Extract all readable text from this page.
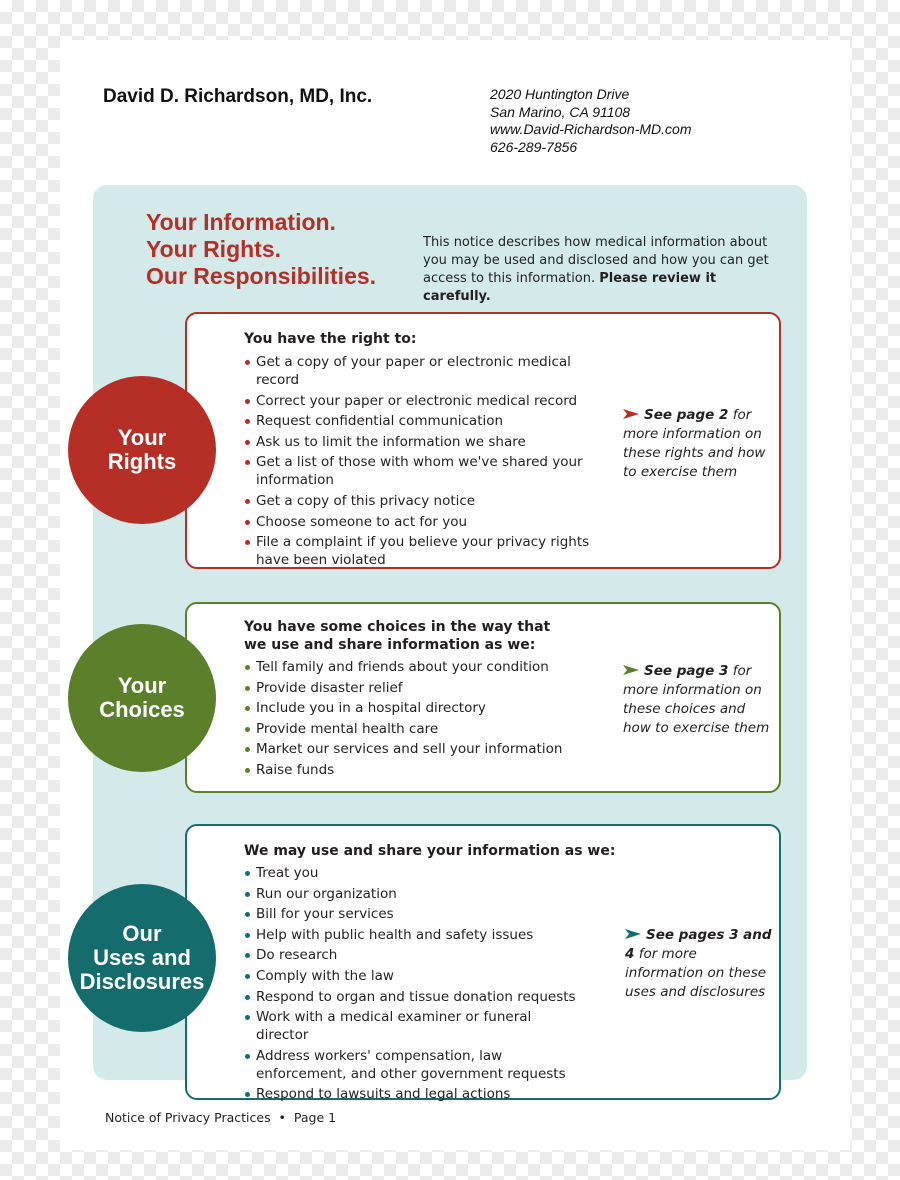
David D. Richardson, MD, Inc.	2020 Huntington Drive
San Marino, CA 91108
www.David-Richardson-MD.com
626-289-7856
Your Information.
Your Rights.
Our Responsibilities.
This notice describes how medical information about you may be used and disclosed and how you can get access to this information. Please review it carefully.
You have the right to:
Get a copy of your paper or electronic medical record
Correct your paper or electronic medical record
Request confidential communication
Ask us to limit the information we share
Get a list of those with whom we've shared your information
Get a copy of this privacy notice
Choose someone to act for you
File a complaint if you believe your privacy rights have been violated
See page 2 for more information on these rights and how to exercise them
Your
Rights
You have some choices in the way that we use and share information as we:
Tell family and friends about your condition
Provide disaster relief
Include you in a hospital directory
Provide mental health care
Market our services and sell your information
Raise funds
See page 3 for more information on these choices and how to exercise them
Your
Choices
We may use and share your information as we:
Treat you
Run our organization
Bill for your services
Help with public health and safety issues
Do research
Comply with the law
Respond to organ and tissue donation requests
Work with a medical examiner or funeral director
Address workers' compensation, law enforcement, and other government requests
Respond to lawsuits and legal actions
See pages 3 and 4 for more information on these uses and disclosures
Our
Uses and
Disclosures
Notice of Privacy Practices  •  Page 1
